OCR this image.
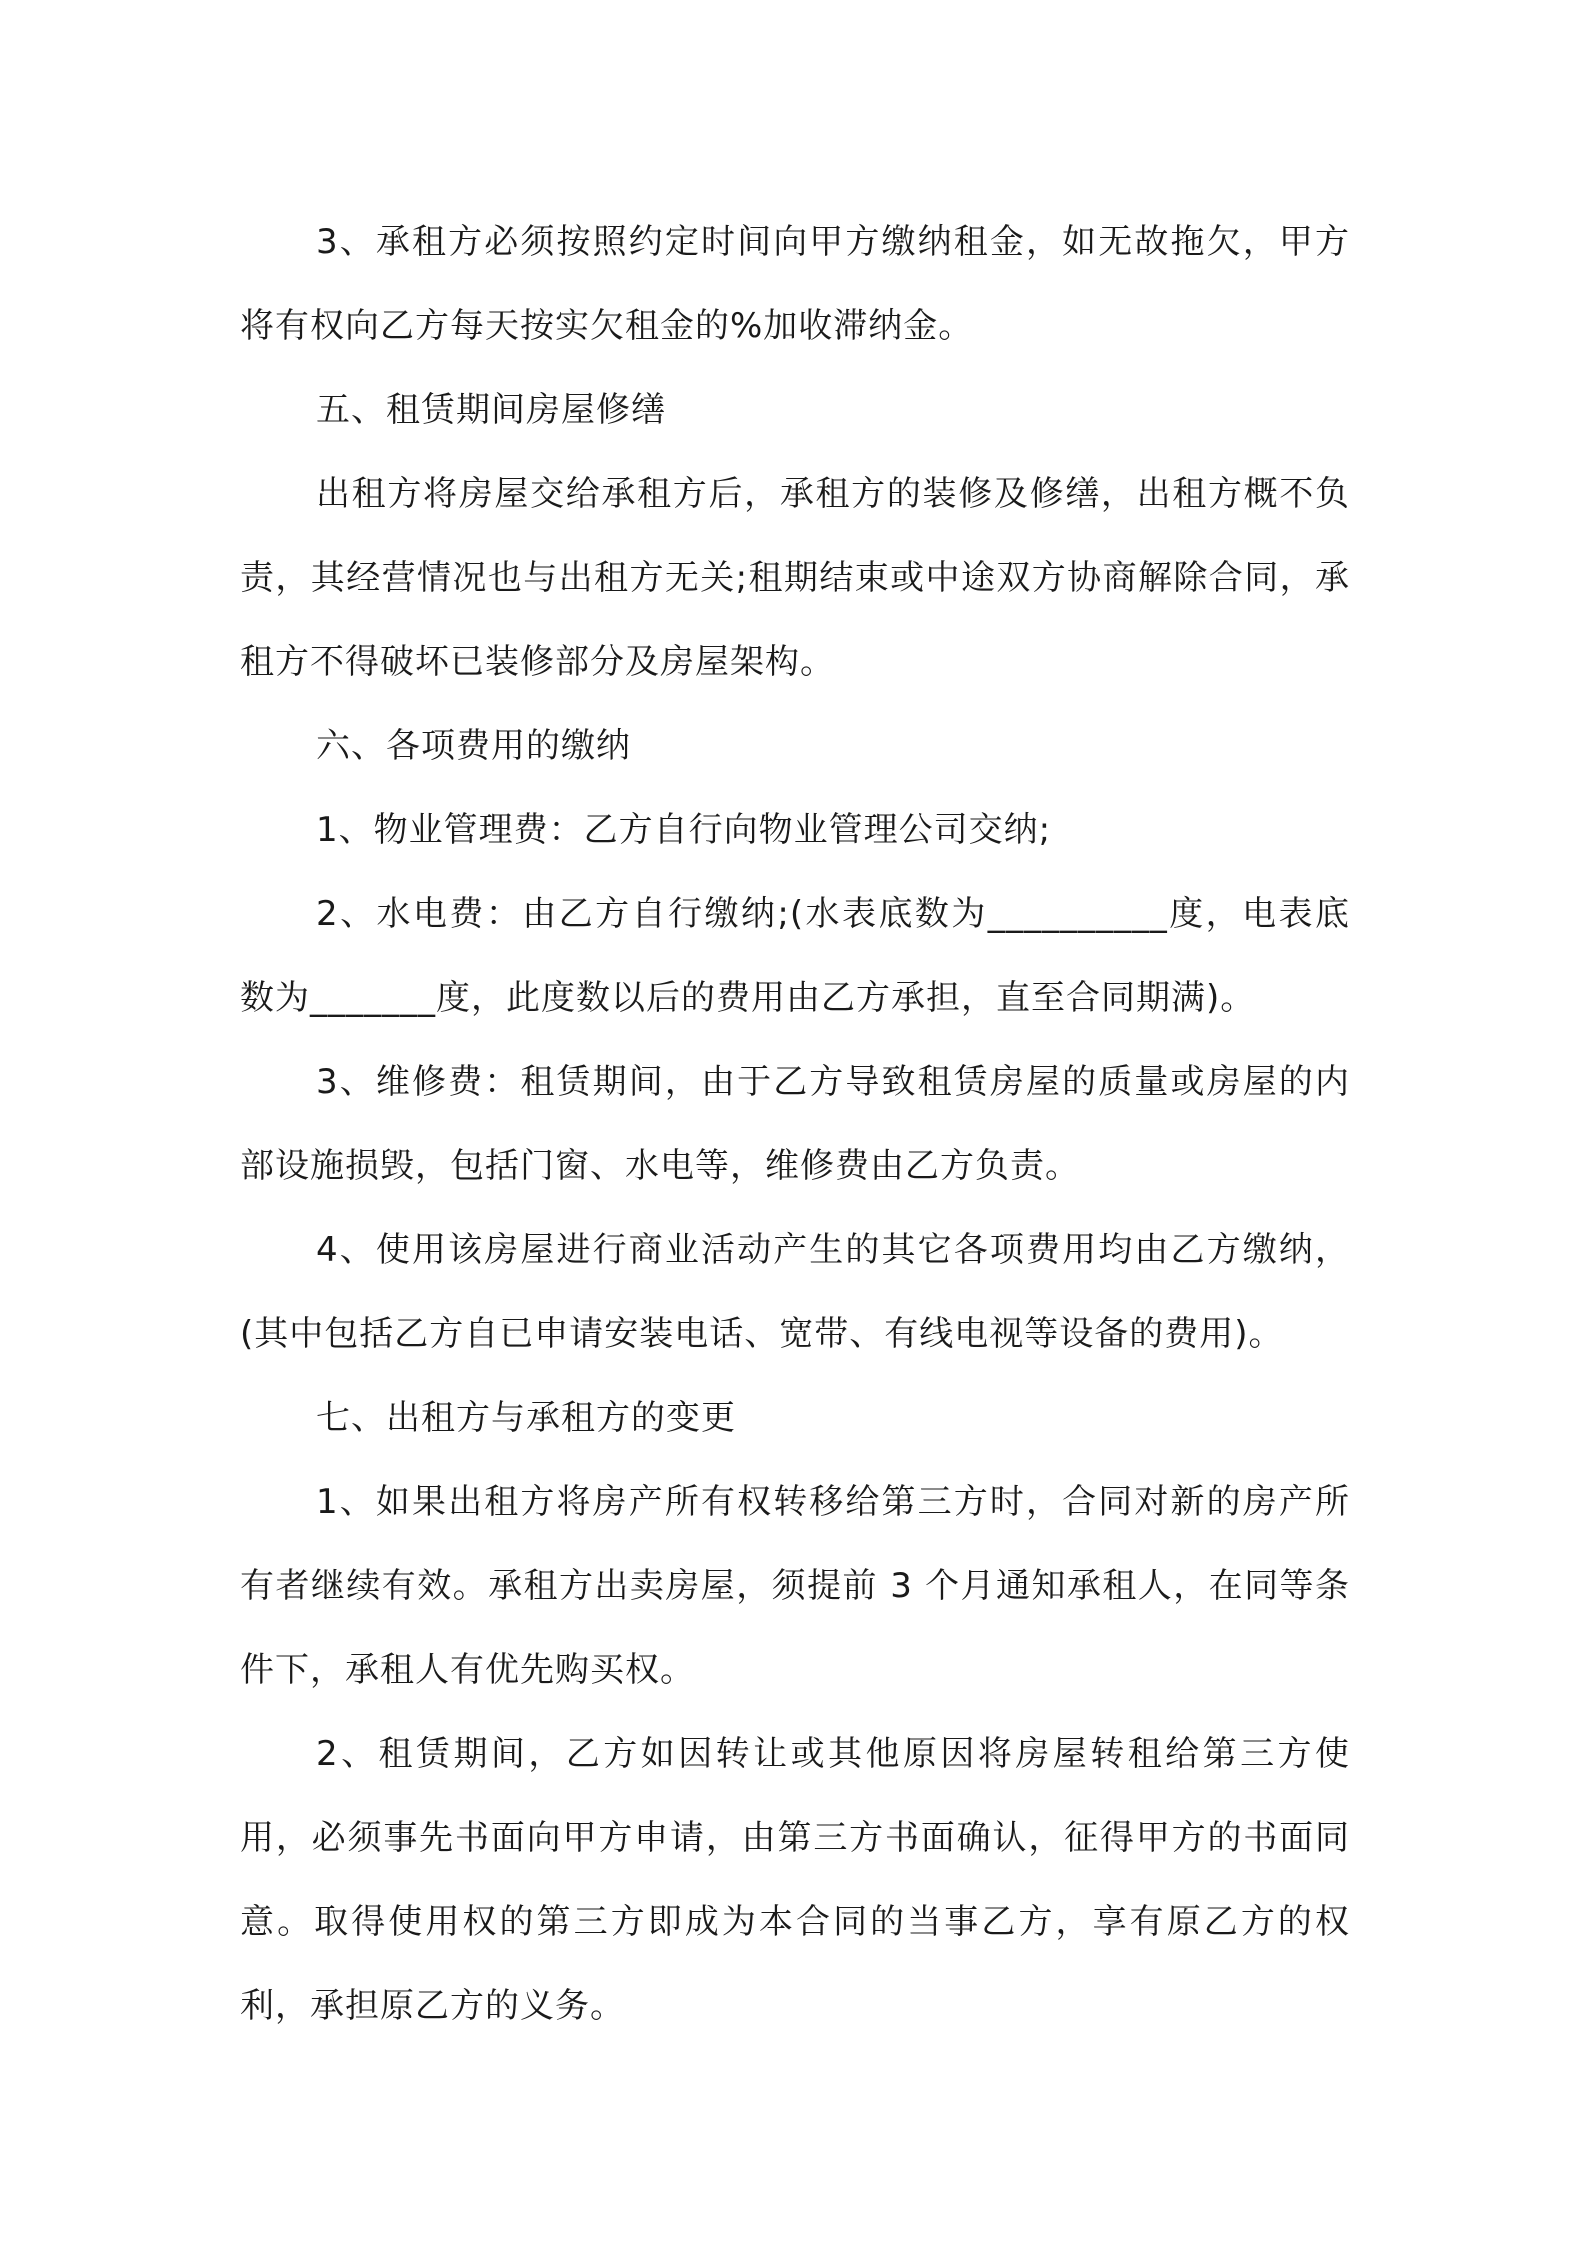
3、承租方必须按照约定时间向甲方缴纳租金，如无故拖欠，甲方将有权向乙方每天按实欠租金的%加收滞纳金。

五、租赁期间房屋修缮

出租方将房屋交给承租方后，承租方的装修及修缮，出租方概不负责，其经营情况也与出租方无关;租期结束或中途双方协商解除合同，承租方不得破坏已装修部分及房屋架构。

六、各项费用的缴纳

1、物业管理费：乙方自行向物业管理公司交纳;

2、水电费：由乙方自行缴纳;(水表底数为__________度，电表底数为_______度，此度数以后的费用由乙方承担，直至合同期满)。

3、维修费：租赁期间，由于乙方导致租赁房屋的质量或房屋的内部设施损毁，包括门窗、水电等，维修费由乙方负责。

4、使用该房屋进行商业活动产生的其它各项费用均由乙方缴纳，(其中包括乙方自已申请安装电话、宽带、有线电视等设备的费用)。

七、出租方与承租方的变更

1、如果出租方将房产所有权转移给第三方时，合同对新的房产所有者继续有效。承租方出卖房屋，须提前 3 个月通知承租人，在同等条件下，承租人有优先购买权。

2、租赁期间，乙方如因转让或其他原因将房屋转租给第三方使用，必须事先书面向甲方申请，由第三方书面确认，征得甲方的书面同意。取得使用权的第三方即成为本合同的当事乙方，享有原乙方的权利，承担原乙方的义务。
